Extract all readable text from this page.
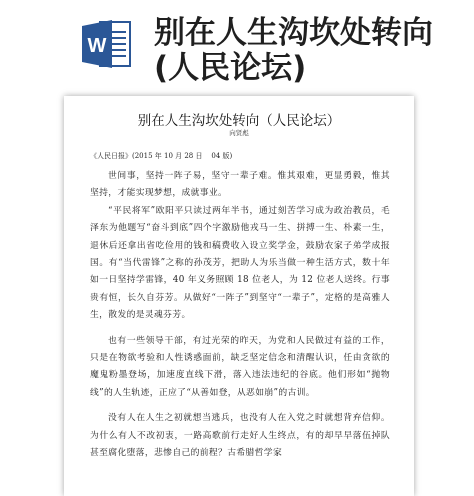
W 别在人生沟坎处转向
(人民论坛)
别在人生沟坎处转向（人民论坛）
向贤彪
《人民日报》(2015 年 10 月 28 日    04 版)

世间事，坚持一阵子易，坚守一辈子难。惟其艰难，更显勇毅，惟其坚持，才能实现梦想，成就事业。

“平民将军”欧阳平只读过两年半书，通过刻苦学习成为政治教员，毛泽东为他题写“奋斗到底”四个字激励他戎马一生、拼搏一生、朴素一生，退休后还拿出省吃俭用的钱和稿费收入设立奖学金，鼓励农家子弟学成报国。有“当代雷锋”之称的孙茂芳，把助人为乐当做一种生活方式，数十年如一日坚持学雷锋，40 年义务照顾 18 位老人，为 12 位老人送终。行事贵有恒，长久自芬芳。从做好“一阵子”到坚守“一辈子”，定格的是高雅人生，散发的是灵魂芬芳。

也有一些领导干部，有过光荣的昨天，为党和人民做过有益的工作，只是在物欲考验和人性诱惑面前，缺乏坚定信念和清醒认识，任由贪欲的魔鬼粉墨登场，加速度直线下滑，落入违法违纪的谷底。他们形如“抛物线”的人生轨迹，正应了“从善如登，从恶如崩”的古训。

没有人在人生之初就想当逃兵，也没有人在入党之时就想背弃信仰。为什么有人不改初衷，一路高歌前行走好人生终点，有的却早早落伍掉队甚至腐化堕落，悲惨自己的前程？古希腊哲学家
